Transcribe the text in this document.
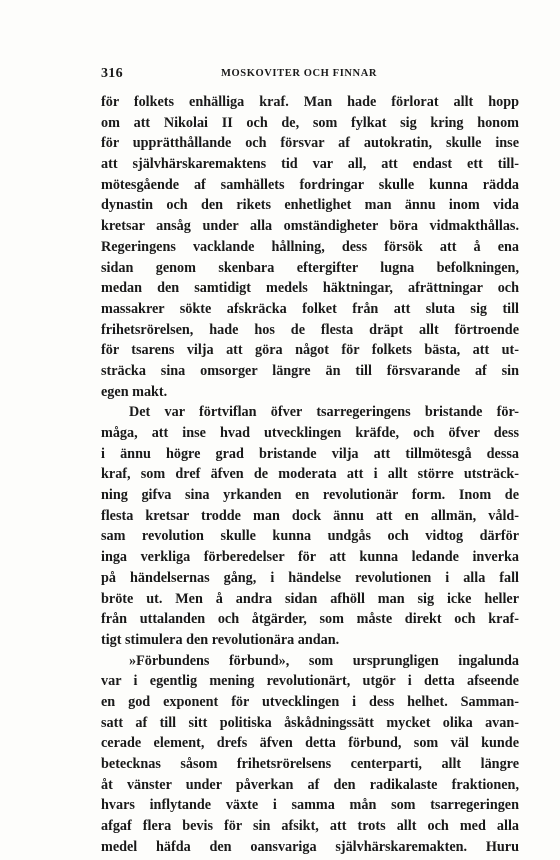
316	MOSKOVITER OCH FINNAR
för folkets enhälliga kraf. Man hade förlorat allt hopp
om att Nikolai II och de, som fylkat sig kring honom
för upprätthållande och försvar af autokratin, skulle inse
att självhärskaremaktens tid var all, att endast ett till-
mötesgående af samhällets fordringar skulle kunna rädda
dynastin och den rikets enhetlighet man ännu inom vida
kretsar ansåg under alla omständigheter böra vidmakthållas.
Regeringens vacklande hållning, dess försök att å ena
sidan genom skenbara eftergifter lugna befolkningen,
medan den samtidigt medels häktningar, afrättningar och
massakrer sökte afskräcka folket från att sluta sig till
frihetsrörelsen, hade hos de flesta dräpt allt förtroende
för tsarens vilja att göra något för folkets bästa, att ut-
sträcka sina omsorger längre än till försvarande af sin
egen makt.
Det var förtviflan öfver tsarregeringens bristande för-
måga, att inse hvad utvecklingen kräfde, och öfver dess
i ännu högre grad bristande vilja att tillmötesgå dessa
kraf, som dref äfven de moderata att i allt större utsträck-
ning gifva sina yrkanden en revolutionär form. Inom de
flesta kretsar trodde man dock ännu att en allmän, våld-
sam revolution skulle kunna undgås och vidtog därför
inga verkliga förberedelser för att kunna ledande inverka
på händelsernas gång, i händelse revolutionen i alla fall
bröte ut. Men å andra sidan afhöll man sig icke heller
från uttalanden och åtgärder, som måste direkt och kraf-
tigt stimulera den revolutionära andan.
»Förbundens förbund», som ursprungligen ingalunda
var i egentlig mening revolutionärt, utgör i detta afseende
en god exponent för utvecklingen i dess helhet. Samman-
satt af till sitt politiska åskådningssätt mycket olika avan-
cerade element, drefs äfven detta förbund, som väl kunde
betecknas såsom frihetsrörelsens centerparti, allt längre
åt vänster under påverkan af den radikalaste fraktionen,
hvars inflytande växte i samma mån som tsarregeringen
afgaf flera bevis för sin afsikt, att trots allt och med alla
medel häfda den oansvariga självhärskaremakten. Huru
